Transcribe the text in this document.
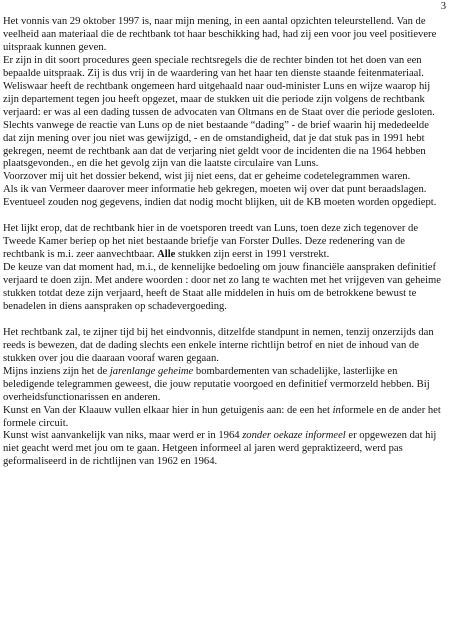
3

Het vonnis van 29 oktober 1997 is, naar mijn mening, in een aantal opzichten teleurstellend. Van de veelheid aan materiaal die de rechtbank tot haar beschikking had, had zij een voor jou veel positievere uitspraak kunnen geven.

Er zijn in dit soort procedures geen speciale rechtsregels die de rechter binden tot het doen van een bepaalde uitspraak. Zij is dus vrij in de waardering van het haar ten dienste staande feitenmateriaal.

Weliswaar heeft de rechtbank ongemeen hard uitgehaald naar oud-minister Luns en wijze waarop hij zijn departement tegen jou heeft opgezet, maar de stukken uit die periode zijn volgens de rechtbank verjaard: er was al een dading tussen de advocaten van Oltmans en de Staat over die periode gesloten.

Slechts vanwege de reactie van Luns op de niet bestaande “dading” - de brief waarin hij mededeelde dat zijn mening over jou niet was gewijzigd, - en de omstandigheid, dat je dat stuk pas in 1991 hebt gekregen, neemt de rechtbank aan dat de verjaring niet geldt voor de incidenten die na 1964 hebben plaatsgevonden., en die het gevolg zijn van die laatste circulaire van Luns.

Voorzover mij uit het dossier bekend, wist jij niet eens, dat er geheime codetelegrammen waren.

Als ik van Vermeer daarover meer informatie heb gekregen, moeten wij over dat punt beraadslagen. Eventueel zouden nog gegevens, indien dat nodig mocht blijken, uit de KB moeten worden opgediept.

Het lijkt erop, dat de rechtbank hier in de voetsporen treedt van Luns, toen deze zich tegenover de Tweede Kamer beriep op het niet bestaande briefje van Forster Dulles. Deze redenering van de rechtbank is m.i. zeer aanvechtbaar. Alle stukken zijn eerst in 1991 verstrekt.

De keuze van dat moment had, m.i., de kennelijke bedoeling om jouw financiële aanspraken definitief verjaard te doen zijn. Met andere woorden : door net zo lang te wachten met het vrijgeven van geheime stukken totdat deze zijn verjaard, heeft de Staat alle middelen in huis om de betrokkene bewust te benadelen in diens aanspraken op schadevergoeding.

Het rechtbank zal, te zijner tijd bij het eindvonnis, ditzelfde standpunt in nemen, tenzij onzerzijds dan reeds is bewezen, dat de dading slechts een enkele interne richtlijn betrof en niet de inhoud van de stukken over jou die daaraan vooraf waren gegaan.

Mijns inziens zijn het de jarenlange geheime bombardementen van schadelijke, lasterlijke en beledigende telegrammen geweest, die jouw reputatie voorgoed en definitief vermorzeld hebben. Bij overheidsfunctionarissen en anderen.

Kunst en Van der Klaauw vullen elkaar hier in hun getuigenis aan: de een het informele en de ander het formele circuit.

Kunst wist aanvankelijk van niks, maar werd er in 1964 zonder oekaze informeel er opgewezen dat hij niet geacht werd met jou om te gaan. Hetgeen informeel al jaren werd gepraktizeerd, werd pas geformaliseerd in de richtlijnen van 1962 en 1964.
